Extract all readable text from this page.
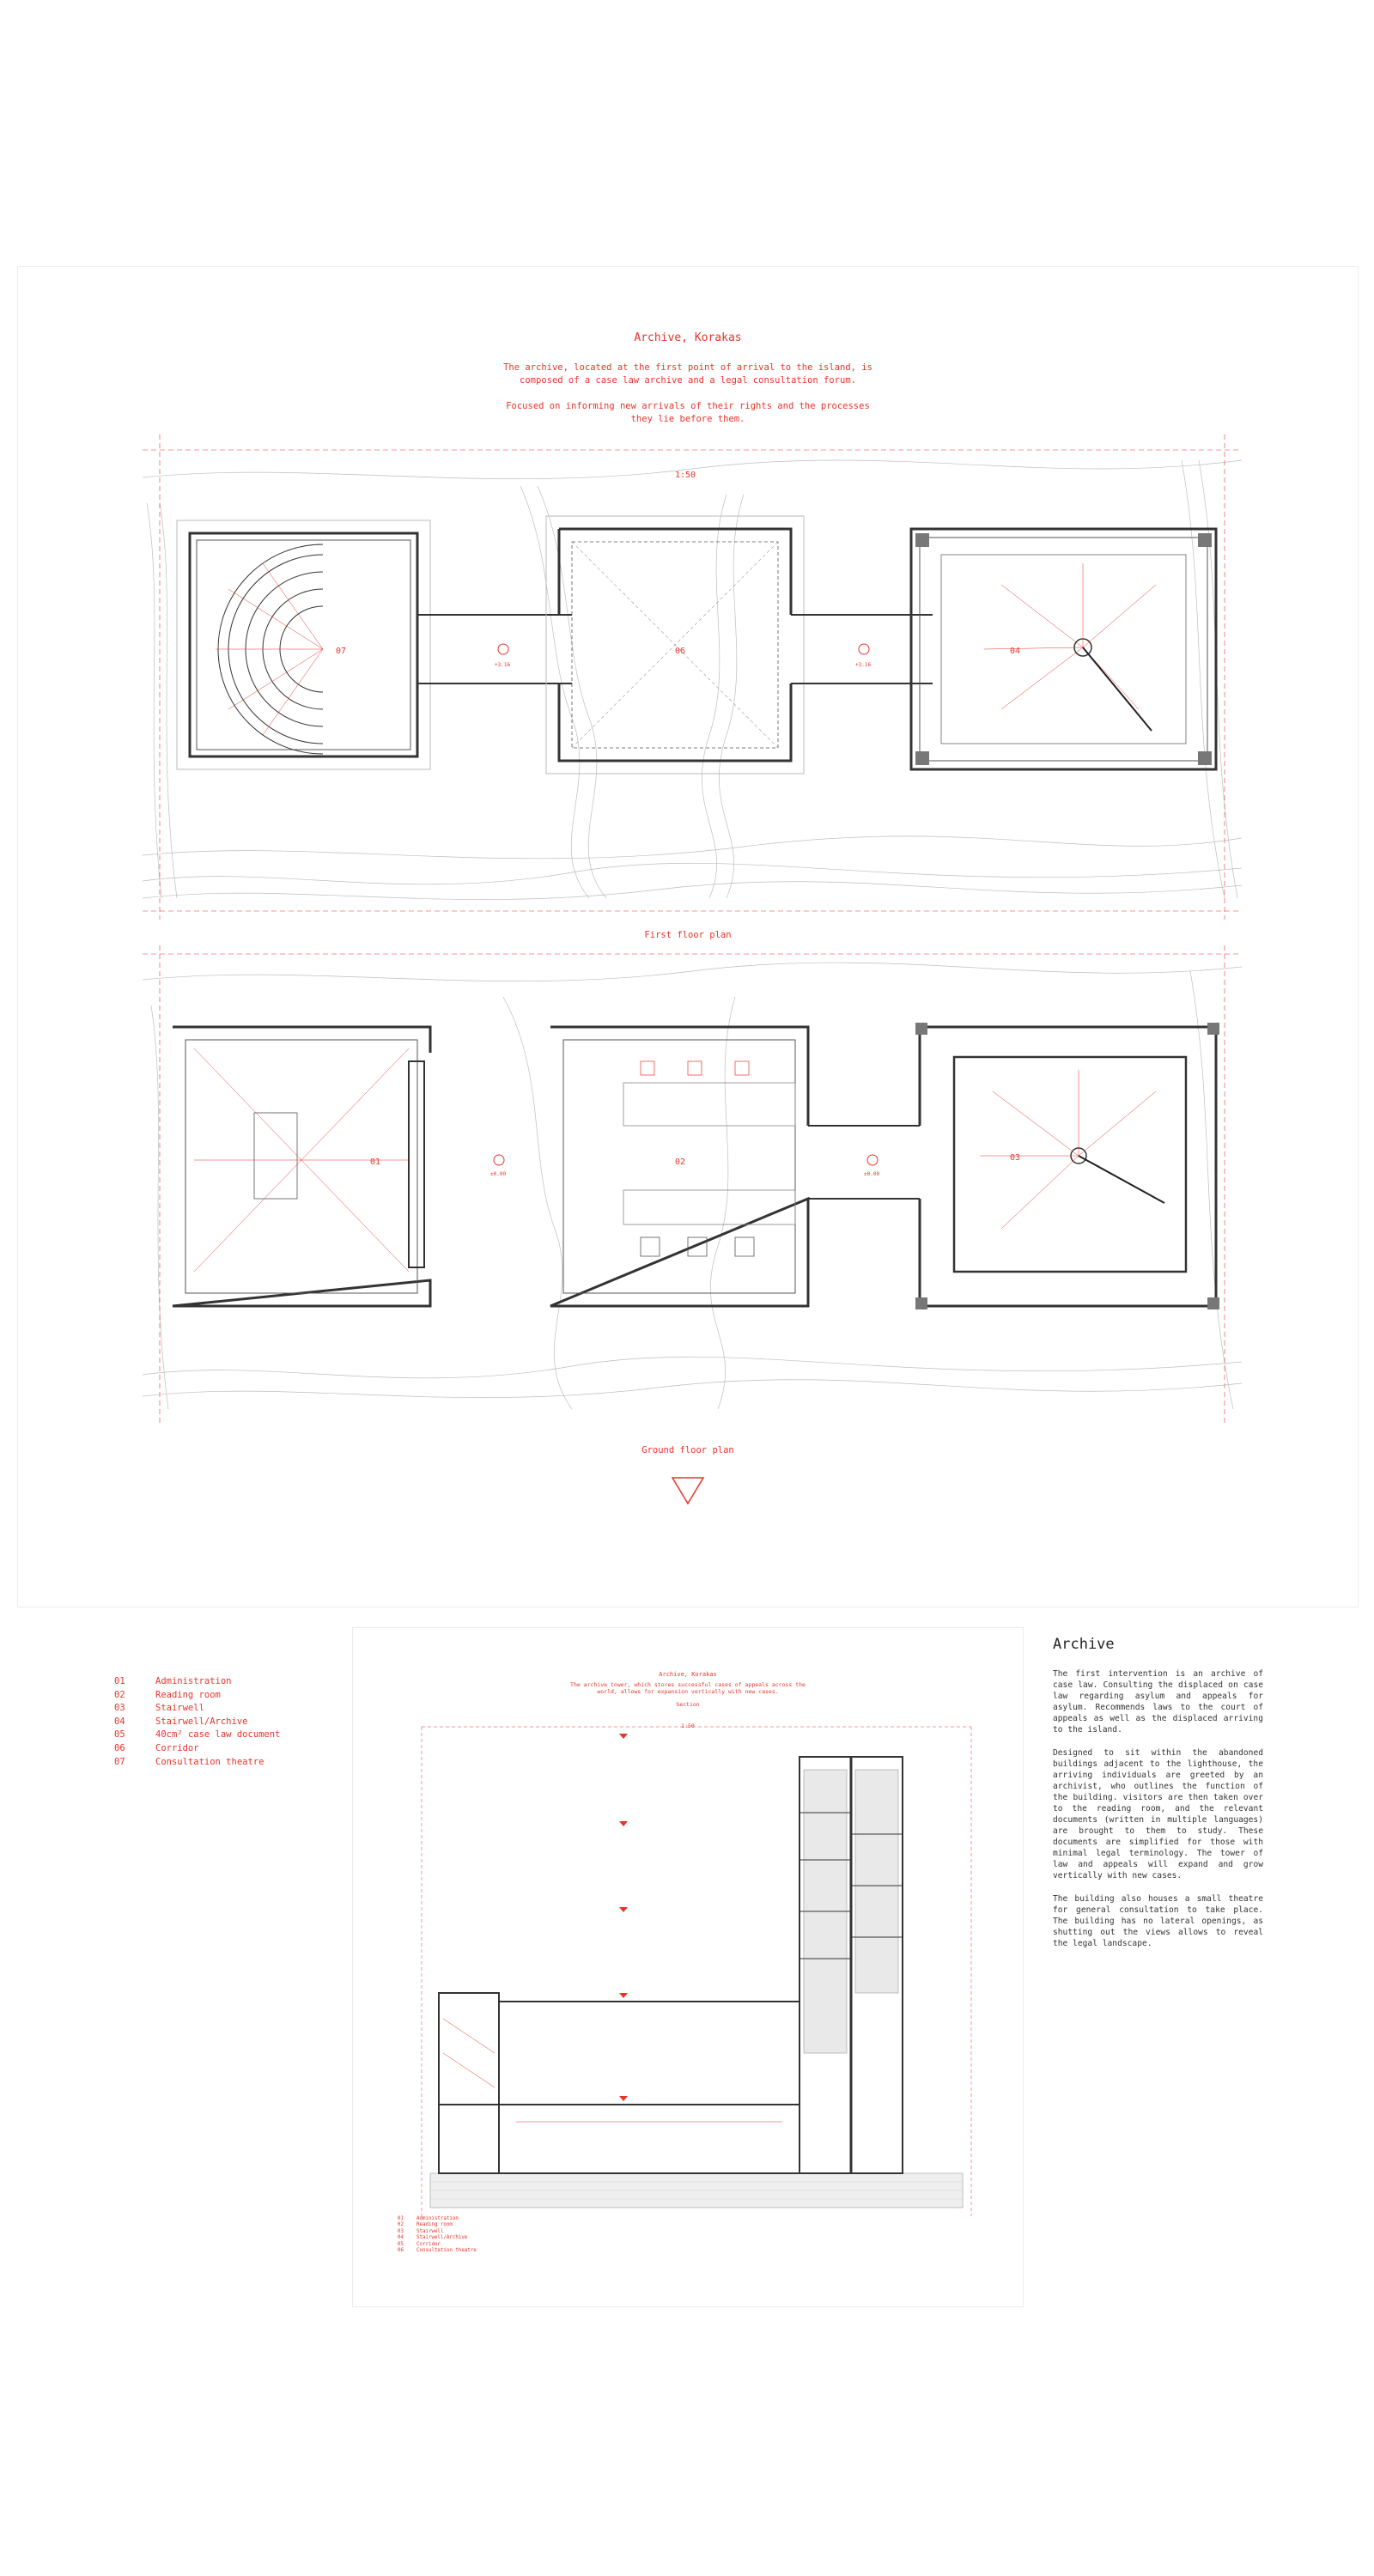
Archive, Korakas
The archive, located at the first point of arrival to the island, is
composed of a case law archive and a legal consultation forum.

Focused on informing new arrivals of their rights and the processes
they lie before them.
1:50
07
+3.16
06
+3.16
04
First floor plan
01
±0.00
02
±0.00
03
01	Administration
02	Reading room
03	Stairwell
04	Stairwell/Archive
05	40cm² case law document
06	Corridor
07	Consultation theatre
Ground floor plan
Archive, Korakas
The archive tower, which stores successful cases of appeals across the
world, allows for expansion vertically with new cases.
Section
1:50
01	Administration
02	Reading room
03	Stairwell
04	Stairwell/Archive
05	Corridor
06	Consultation theatre
Archive

The first intervention is an archive of case law. Consulting the displaced on case law regarding asylum and appeals for asylum. Recommends laws to the court of appeals as well as the displaced arriving to the island.

Designed to sit within the abandoned buildings adjacent to the lighthouse, the arriving individuals are greeted by an archivist, who outlines the function of the building. visitors are then taken over to the reading room, and the relevant documents (written in multiple languages) are brought to them to study. These documents are simplified for those with minimal legal terminology. The tower of law and appeals will expand and grow vertically with new cases.

The building also houses a small theatre for general consultation to take place. The building has no lateral openings, as shutting out the views allows to reveal the legal landscape.
